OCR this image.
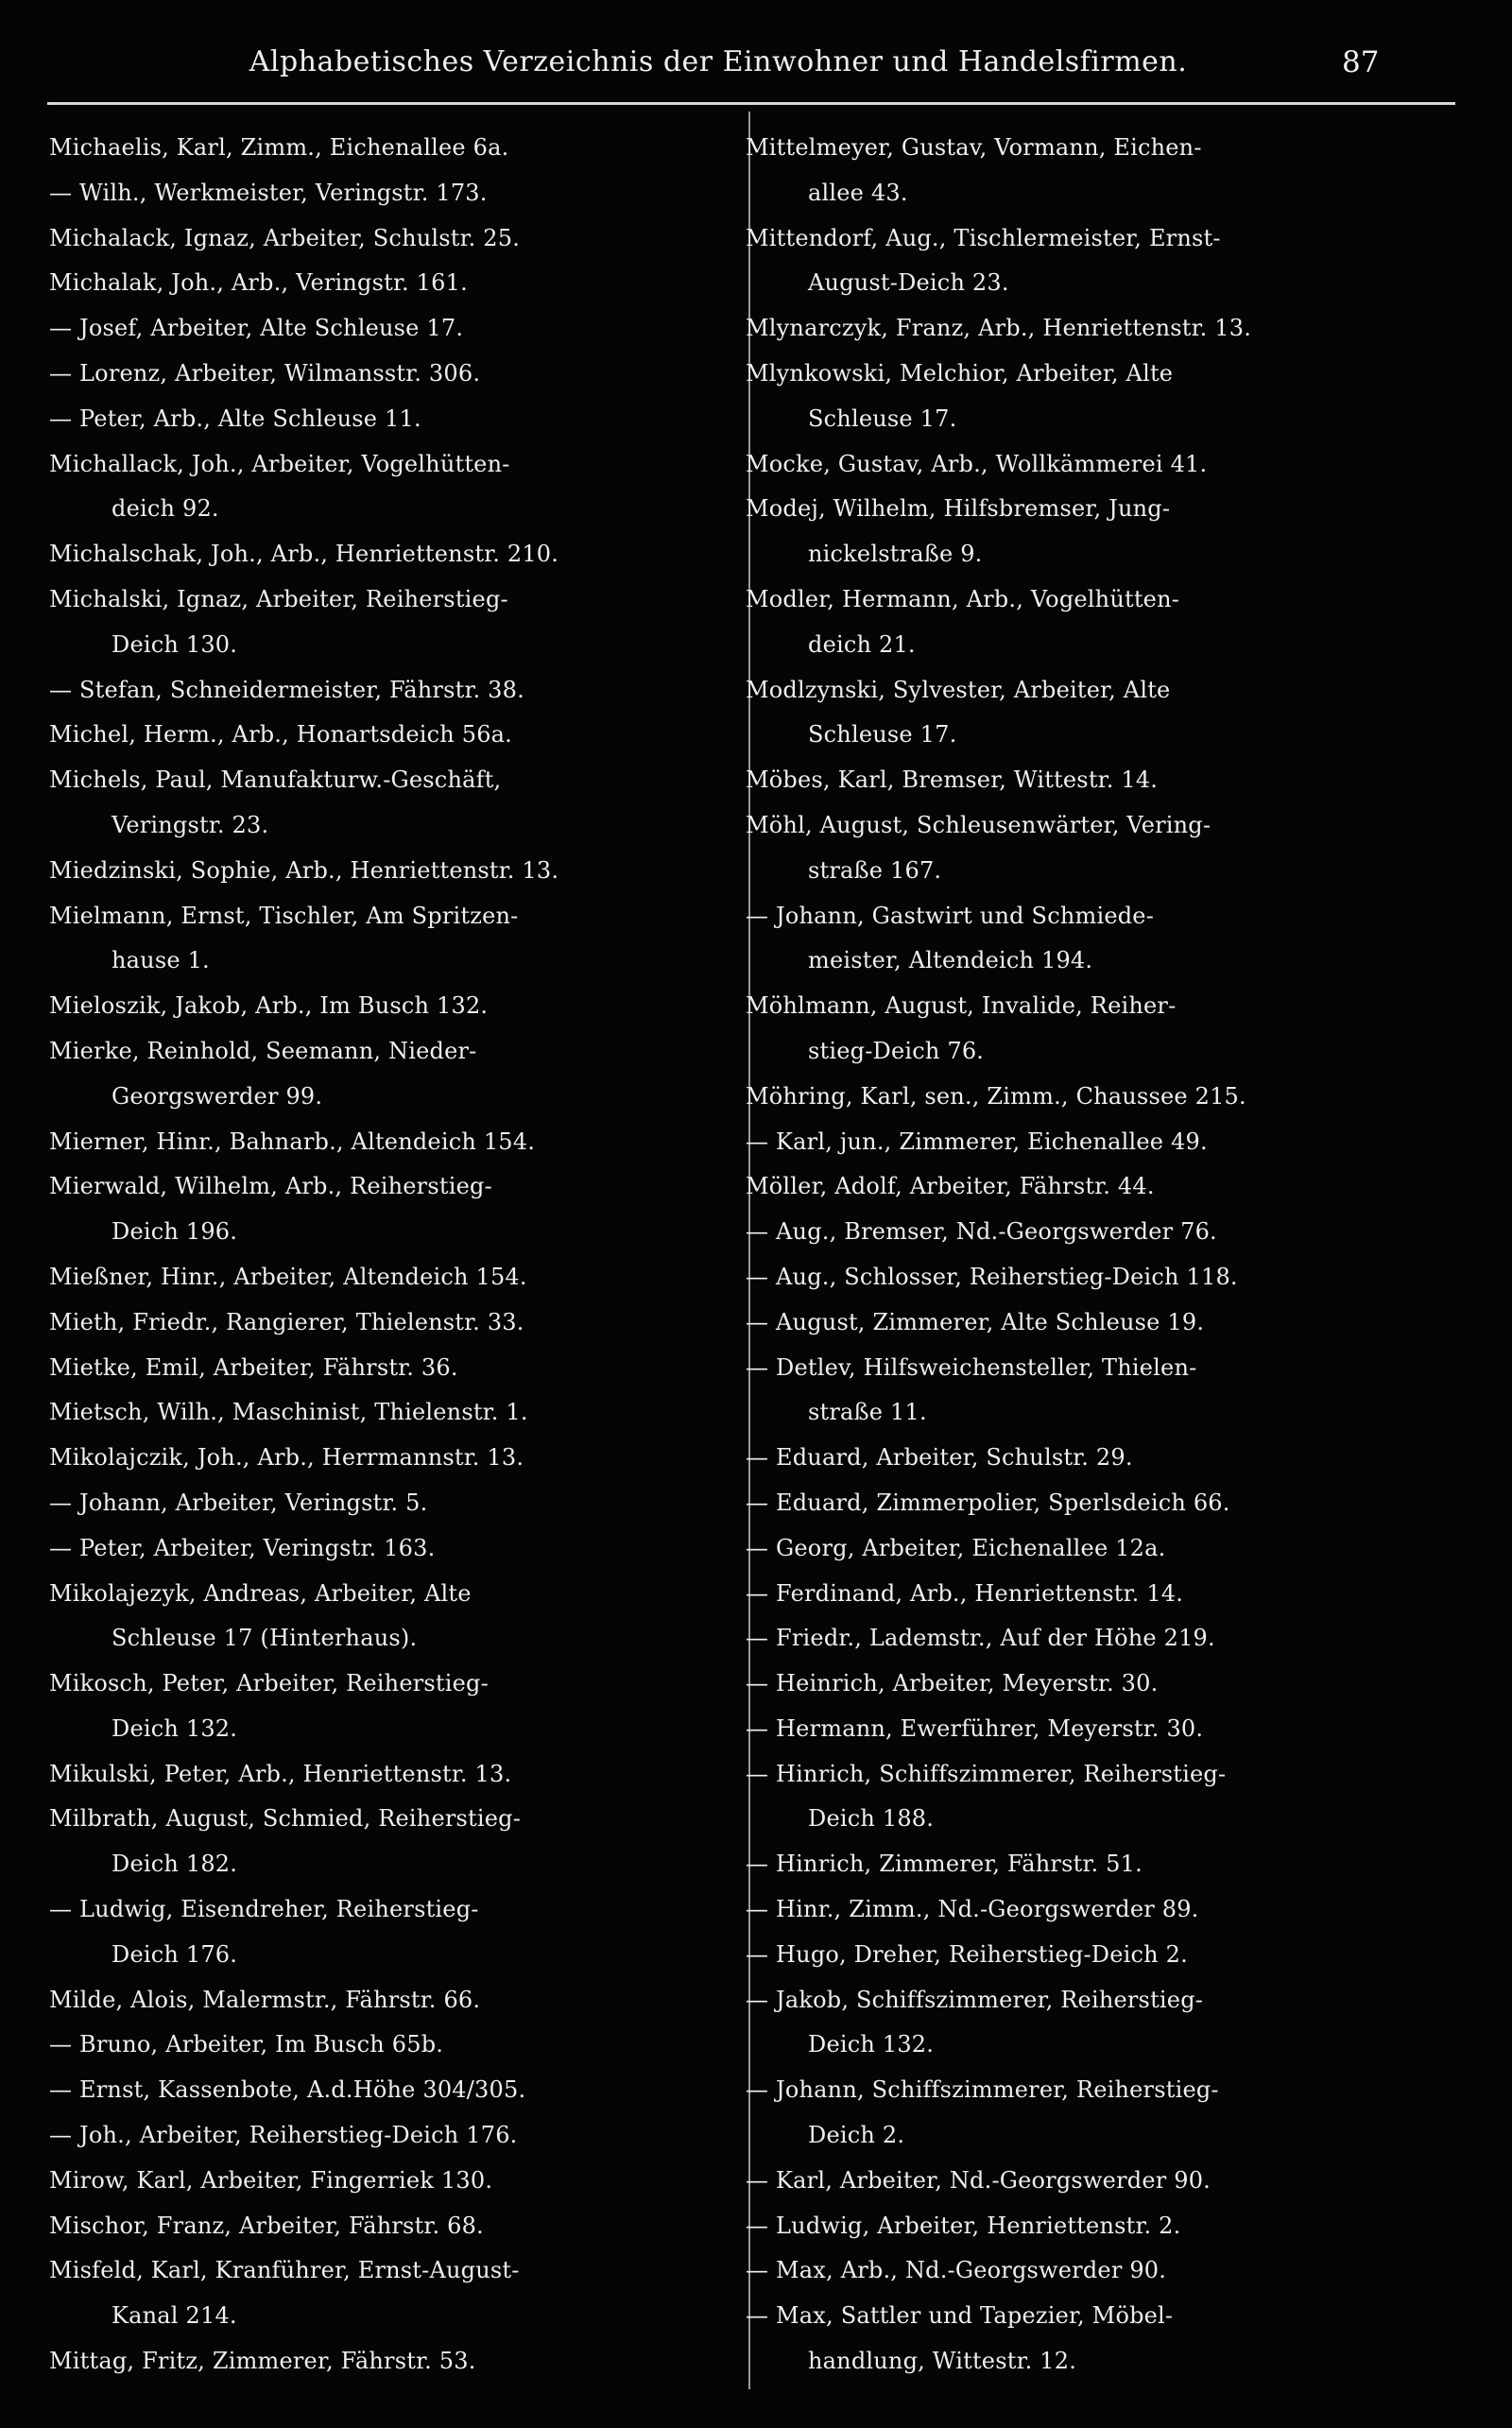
Alphabetisches Verzeichnis der Einwohner und Handelsfirmen.	87
Michaelis, Karl, Zimm., Eichenallee 6a.
— Wilh., Werkmeister, Veringstr. 173.
Michalack, Ignaz, Arbeiter, Schulstr. 25.
Michalak, Joh., Arb., Veringstr. 161.
— Josef, Arbeiter, Alte Schleuse 17.
— Lorenz, Arbeiter, Wilmansstr. 306.
— Peter, Arb., Alte Schleuse 11.
Michallack, Joh., Arbeiter, Vogelhütten-
deich 92.
Michalschak, Joh., Arb., Henriettenstr. 210.
Michalski, Ignaz, Arbeiter, Reiherstieg-
Deich 130.
— Stefan, Schneidermeister, Fährstr. 38.
Michel, Herm., Arb., Honartsdeich 56a.
Michels, Paul, Manufakturw.-Geschäft,
Veringstr. 23.
Miedzinski, Sophie, Arb., Henriettenstr. 13.
Mielmann, Ernst, Tischler, Am Spritzen-
hause 1.
Mieloszik, Jakob, Arb., Im Busch 132.
Mierke, Reinhold, Seemann, Nieder-
Georgswerder 99.
Mierner, Hinr., Bahnarb., Altendeich 154.
Mierwald, Wilhelm, Arb., Reiherstieg-
Deich 196.
Mießner, Hinr., Arbeiter, Altendeich 154.
Mieth, Friedr., Rangierer, Thielenstr. 33.
Mietke, Emil, Arbeiter, Fährstr. 36.
Mietsch, Wilh., Maschinist, Thielenstr. 1.
Mikolajczik, Joh., Arb., Herrmannstr. 13.
— Johann, Arbeiter, Veringstr. 5.
— Peter, Arbeiter, Veringstr. 163.
Mikolajezyk, Andreas, Arbeiter, Alte
Schleuse 17 (Hinterhaus).
Mikosch, Peter, Arbeiter, Reiherstieg-
Deich 132.
Mikulski, Peter, Arb., Henriettenstr. 13.
Milbrath, August, Schmied, Reiherstieg-
Deich 182.
— Ludwig, Eisendreher, Reiherstieg-
Deich 176.
Milde, Alois, Malermstr., Fährstr. 66.
— Bruno, Arbeiter, Im Busch 65b.
— Ernst, Kassenbote, A.d.Höhe 304/305.
— Joh., Arbeiter, Reiherstieg-Deich 176.
Mirow, Karl, Arbeiter, Fingerriek 130.
Mischor, Franz, Arbeiter, Fährstr. 68.
Misfeld, Karl, Kranführer, Ernst-August-
Kanal 214.
Mittag, Fritz, Zimmerer, Fährstr. 53.
Mittelmeyer, Gustav, Vormann, Eichen-
allee 43.
Mittendorf, Aug., Tischlermeister, Ernst-
August-Deich 23.
Mlynarczyk, Franz, Arb., Henriettenstr. 13.
Mlynkowski, Melchior, Arbeiter, Alte
Schleuse 17.
Mocke, Gustav, Arb., Wollkämmerei 41.
Modej, Wilhelm, Hilfsbremser, Jung-
nickelstraße 9.
Modler, Hermann, Arb., Vogelhütten-
deich 21.
Modlzynski, Sylvester, Arbeiter, Alte
Schleuse 17.
Möbes, Karl, Bremser, Wittestr. 14.
Möhl, August, Schleusenwärter, Vering-
straße 167.
— Johann, Gastwirt und Schmiede-
meister, Altendeich 194.
Möhlmann, August, Invalide, Reiher-
stieg-Deich 76.
Möhring, Karl, sen., Zimm., Chaussee 215.
— Karl, jun., Zimmerer, Eichenallee 49.
Möller, Adolf, Arbeiter, Fährstr. 44.
— Aug., Bremser, Nd.-Georgswerder 76.
— Aug., Schlosser, Reiherstieg-Deich 118.
— August, Zimmerer, Alte Schleuse 19.
— Detlev, Hilfsweichensteller, Thielen-
straße 11.
— Eduard, Arbeiter, Schulstr. 29.
— Eduard, Zimmerpolier, Sperlsdeich 66.
— Georg, Arbeiter, Eichenallee 12a.
— Ferdinand, Arb., Henriettenstr. 14.
— Friedr., Lademstr., Auf der Höhe 219.
— Heinrich, Arbeiter, Meyerstr. 30.
— Hermann, Ewerführer, Meyerstr. 30.
— Hinrich, Schiffszimmerer, Reiherstieg-
Deich 188.
— Hinrich, Zimmerer, Fährstr. 51.
— Hinr., Zimm., Nd.-Georgswerder 89.
— Hugo, Dreher, Reiherstieg-Deich 2.
— Jakob, Schiffszimmerer, Reiherstieg-
Deich 132.
— Johann, Schiffszimmerer, Reiherstieg-
Deich 2.
— Karl, Arbeiter, Nd.-Georgswerder 90.
— Ludwig, Arbeiter, Henriettenstr. 2.
— Max, Arb., Nd.-Georgswerder 90.
— Max, Sattler und Tapezier, Möbel-
handlung, Wittestr. 12.
